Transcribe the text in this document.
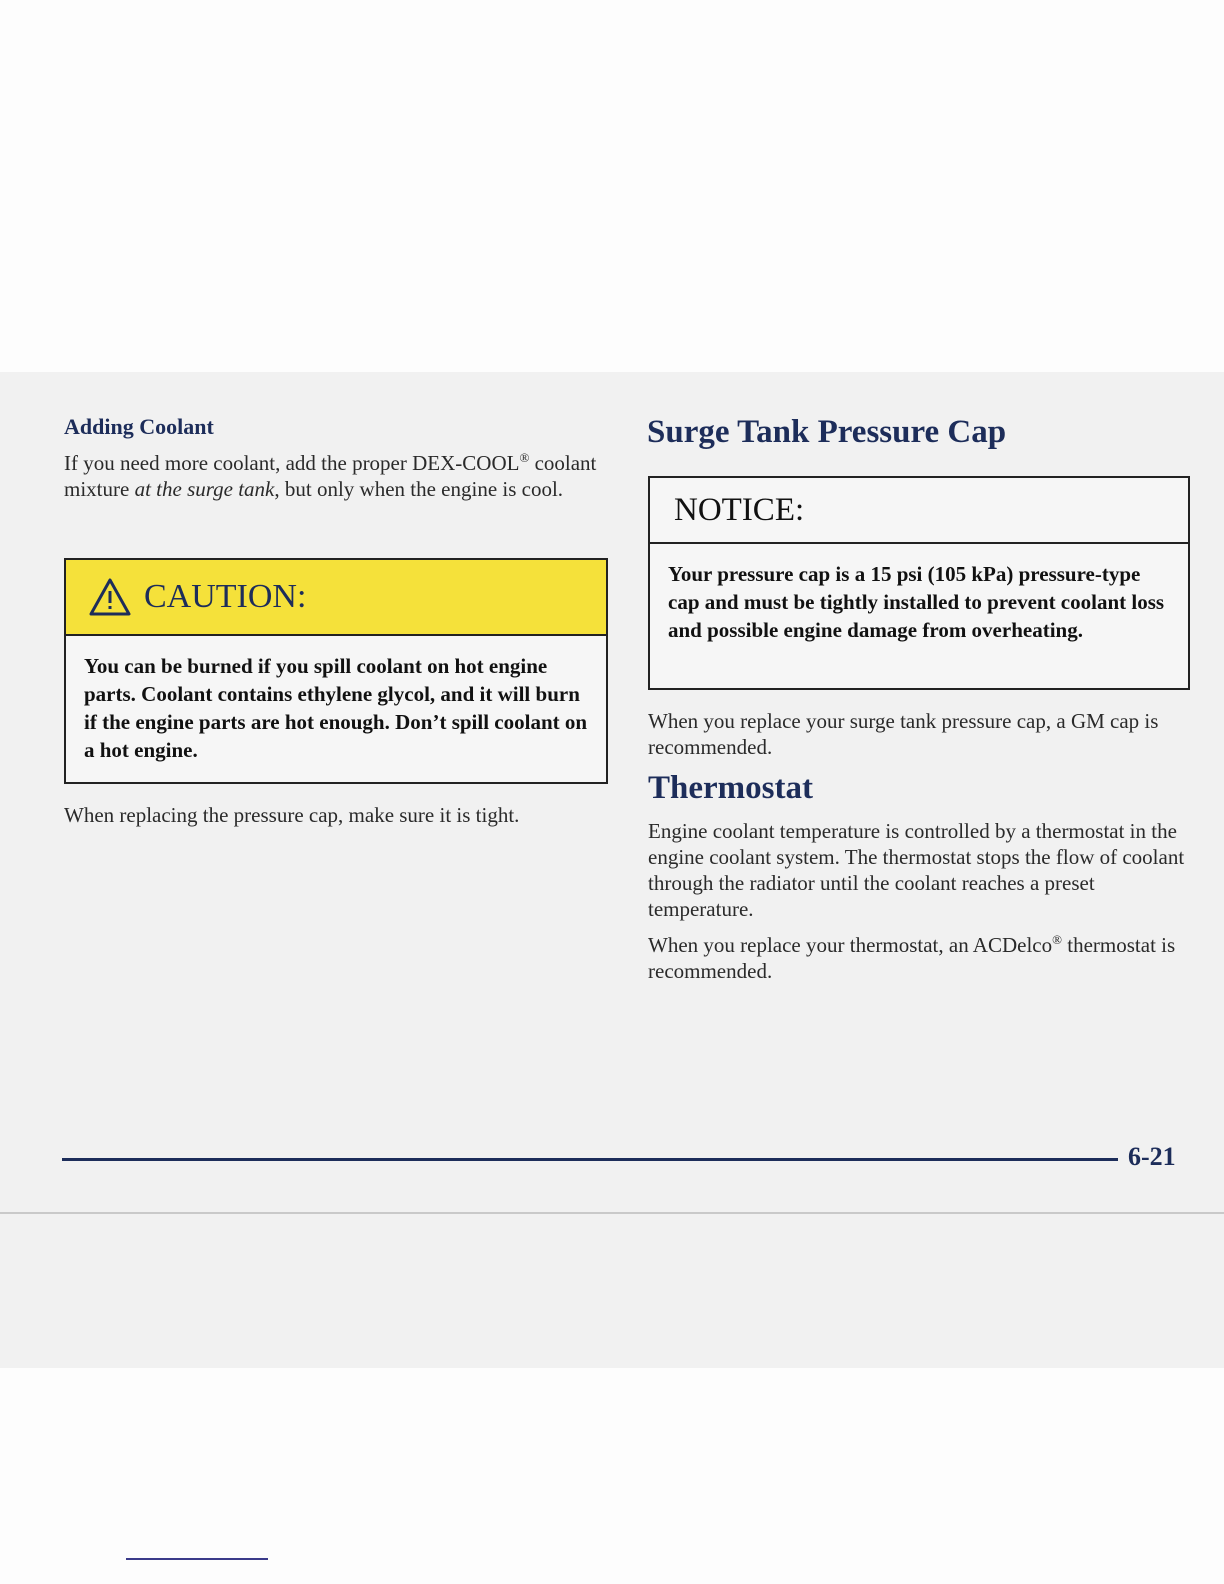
Adding Coolant

If you need more coolant, add the proper DEX-COOL® coolant mixture at the surge tank, but only when the engine is cool.

CAUTION:
You can be burned if you spill coolant on hot engine parts. Coolant contains ethylene glycol, and it will burn if the engine parts are hot enough. Don’t spill coolant on a hot engine.

When replacing the pressure cap, make sure it is tight.

Surge Tank Pressure Cap

NOTICE:
Your pressure cap is a 15 psi (105 kPa) pressure-type cap and must be tightly installed to prevent coolant loss and possible engine damage from overheating.

When you replace your surge tank pressure cap, a GM cap is recommended.

Thermostat

Engine coolant temperature is controlled by a thermostat in the engine coolant system. The thermostat stops the flow of coolant through the radiator until the coolant reaches a preset temperature.

When you replace your thermostat, an ACDelco® thermostat is recommended.

6-21
